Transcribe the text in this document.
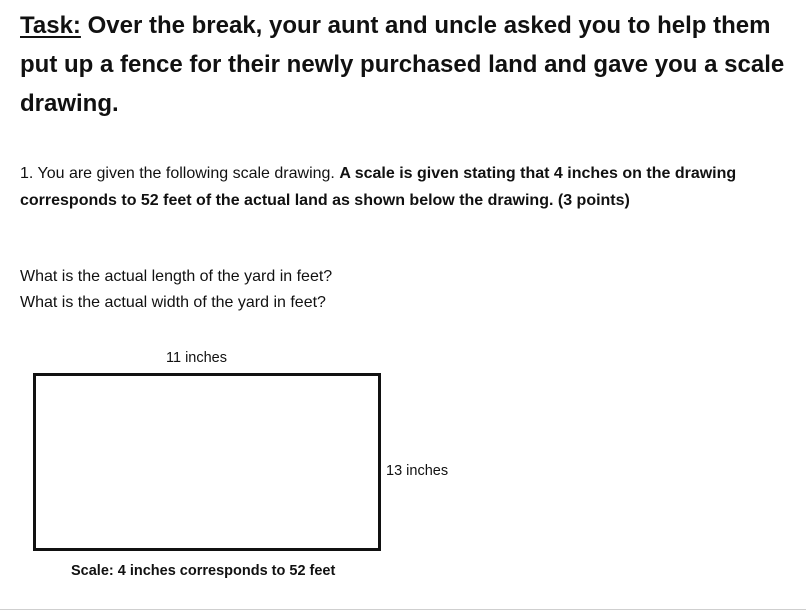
Task: Over the break, your aunt and uncle asked you to help them put up a fence for their newly purchased land and gave you a scale drawing.

1. You are given the following scale drawing. A scale is given stating that 4 inches on the drawing corresponds to 52 feet of the actual land as shown below the drawing. (3 points)

What is the actual length of the yard in feet?
What is the actual width of the yard in feet?
11 inches
13 inches
Scale: 4 inches corresponds to 52 feet
